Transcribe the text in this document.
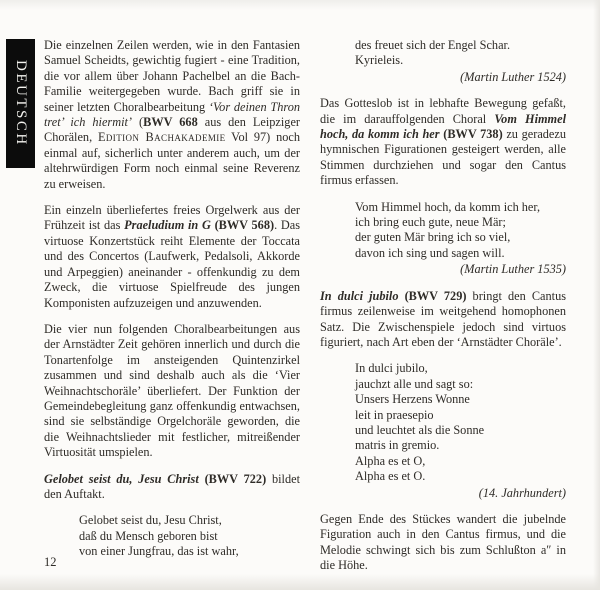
DEUTSCH

Die einzelnen Zeilen werden, wie in den Fantasien Samuel Scheidts, gewichtig fugiert - eine Tradition, die vor allem über Johann Pachelbel an die Bach-Familie weitergegeben wurde. Bach griff sie in seiner letzten Choralbearbeitung ‘Vor deinen Thron tret’ ich hiermit’ (BWV 668 aus den Leipziger Chorälen, Edition Bachakademie Vol 97) noch einmal auf, sicherlich unter anderem auch, um der altehrwürdigen Form noch einmal seine Reverenz zu erweisen.

Ein einzeln überliefertes freies Orgelwerk aus der Frühzeit ist das Praeludium in G (BWV 568). Das virtuose Konzertstück reiht Elemente der Toccata und des Concertos (Laufwerk, Pedalsoli, Akkorde und Arpeggien) aneinander - offenkundig zu dem Zweck, die virtuose Spielfreude des jungen Komponisten aufzuzeigen und anzuwenden.

Die vier nun folgenden Choralbearbeitungen aus der Arnstädter Zeit gehören innerlich und durch die Tonartenfolge im ansteigenden Quintenzirkel zusammen und sind deshalb auch als die ‘Vier Weihnachtschoräle’ überliefert. Der Funktion der Gemeindebegleitung ganz offenkundig entwachsen, sind sie selbständige Orgelchoräle geworden, die die Weihnachtslieder mit festlicher, mitreißender Virtuosität umspielen.

Gelobet seist du, Jesu Christ (BWV 722) bildet den Auftakt.

Gelobet seist du, Jesu Christ,
daß du Mensch geboren bist
von einer Jungfrau, das ist wahr,
des freuet sich der Engel Schar.
Kyrieleis.
(Martin Luther 1524)

Das Gotteslob ist in lebhafte Bewegung gefaßt, die im darauffolgenden Choral Vom Himmel hoch, da komm ich her (BWV 738) zu geradezu hymnischen Figurationen gesteigert werden, alle Stimmen durchziehen und sogar den Cantus firmus erfassen.

Vom Himmel hoch, da komm ich her,
ich bring euch gute, neue Mär;
der guten Mär bring ich so viel,
davon ich sing und sagen will.
(Martin Luther 1535)

In dulci jubilo (BWV 729) bringt den Cantus firmus zeilenweise im weitgehend homophonen Satz. Die Zwischenspiele jedoch sind virtuos figuriert, nach Art eben der ‘Arnstädter Choräle’.

In dulci jubilo,
jauchzt alle und sagt so:
Unsers Herzens Wonne
leit in praesepio
und leuchtet als die Sonne
matris in gremio.
Alpha es et O,
Alpha es et O.
(14. Jahrhundert)

Gegen Ende des Stückes wandert die jubelnde Figuration auch in den Cantus firmus, und die Melodie schwingt sich bis zum Schlußton a″ in die Höhe.

12
